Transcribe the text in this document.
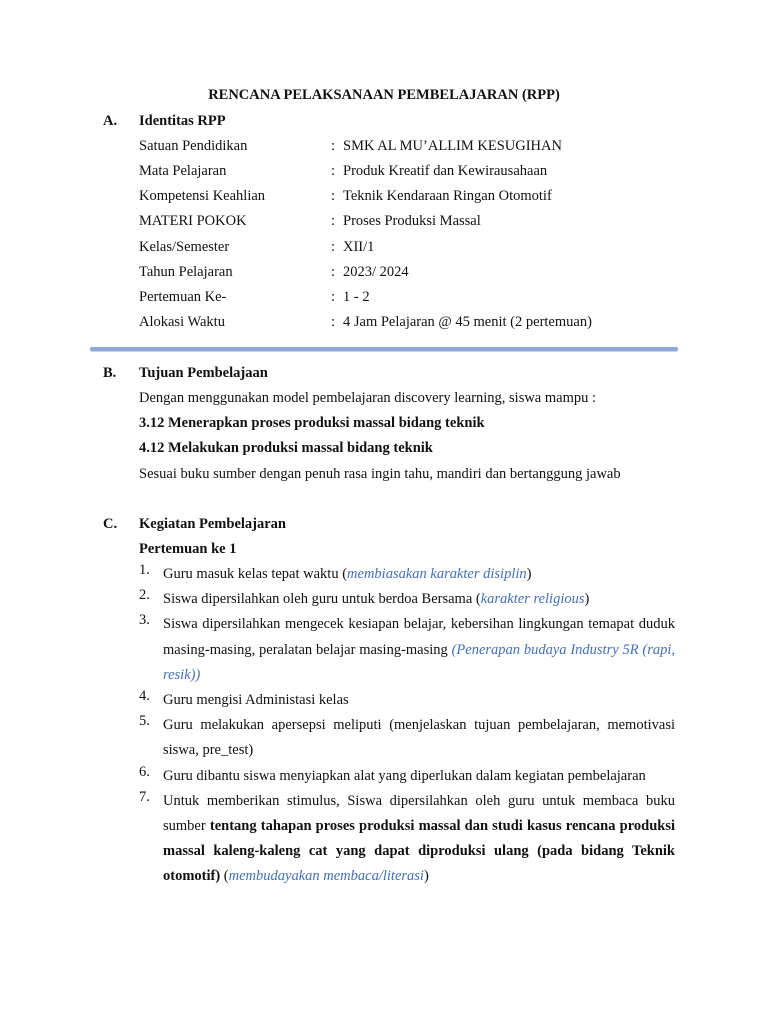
RENCANA PELAKSANAAN PEMBELAJARAN (RPP)
A. Identitas RPP
Satuan Pendidikan	: SMK AL MU’ALLIM KESUGIHAN
Mata Pelajaran	: Produk Kreatif dan Kewirausahaan
Kompetensi Keahlian	: Teknik Kendaraan Ringan Otomotif
MATERI POKOK	: Proses Produksi Massal
Kelas/Semester	: XII/1
Tahun Pelajaran	: 2023/ 2024
Pertemuan Ke-	: 1 - 2
Alokasi Waktu	: 4 Jam Pelajaran @ 45 menit (2 pertemuan)
B. Tujuan Pembelajaan
Dengan menggunakan model pembelajaran discovery learning, siswa mampu :
3.12 Menerapkan proses produksi massal bidang teknik
4.12 Melakukan produksi massal bidang teknik
Sesuai buku sumber dengan penuh rasa ingin tahu, mandiri dan bertanggung jawab
C. Kegiatan Pembelajaran
Pertemuan ke 1
1. Guru masuk kelas tepat waktu (membiasakan karakter disiplin)
2. Siswa dipersilahkan oleh guru untuk berdoa Bersama (karakter religious)
3. Siswa dipersilahkan mengecek kesiapan belajar, kebersihan lingkungan temapat duduk masing-masing, peralatan belajar masing-masing (Penerapan budaya Industry 5R (rapi, resik))
4. Guru mengisi Administasi kelas
5. Guru melakukan apersepsi meliputi (menjelaskan tujuan pembelajaran, memotivasi siswa, pre_test)
6. Guru dibantu siswa menyiapkan alat yang diperlukan dalam kegiatan pembelajaran
7. Untuk memberikan stimulus, Siswa dipersilahkan oleh guru untuk membaca buku sumber tentang tahapan proses produksi massal dan studi kasus rencana produksi massal kaleng-kaleng cat yang dapat diproduksi ulang (pada bidang Teknik otomotif) (membudayakan membaca/literasi)
